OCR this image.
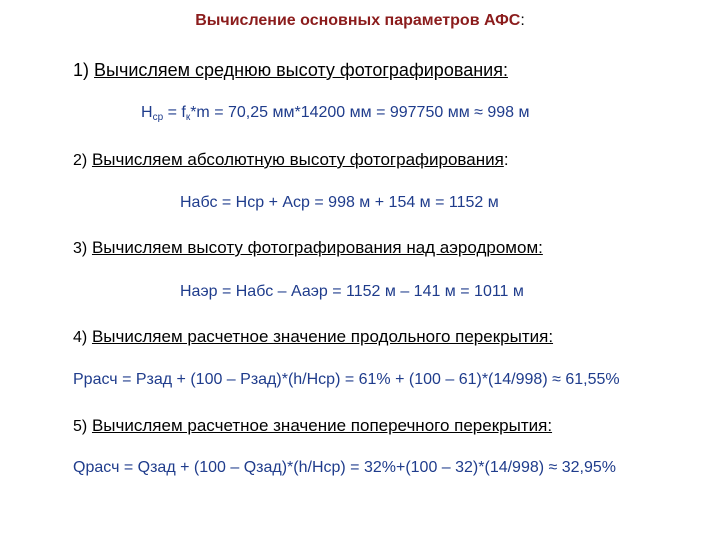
Вычисление основных параметров АФС:
1) Вычисляем среднюю высоту фотографирования:
$H_{ср} = f_к*m = 70,25$ мм*14200 мм = 997750 мм ≈ 998 м
2) Вычисляем абсолютную высоту фотографирования:
Набс = Нср + Аср = 998 м + 154 м = 1152 м
3) Вычисляем высоту фотографирования над аэродромом:
Наэр = Набс – Ааэр = 1152 м – 141 м = 1011 м
4) Вычисляем расчетное значение продольного перекрытия:
Ррасч = Рзад + (100 – Рзад)*(h/Нср) = 61% + (100 – 61)*(14/998) ≈ 61,55%
5) Вычисляем расчетное значение поперечного перекрытия:
Qрасч = Qзад + (100 – Qзад)*(h/Hср) = 32%+(100 – 32)*(14/998) ≈ 32,95%
